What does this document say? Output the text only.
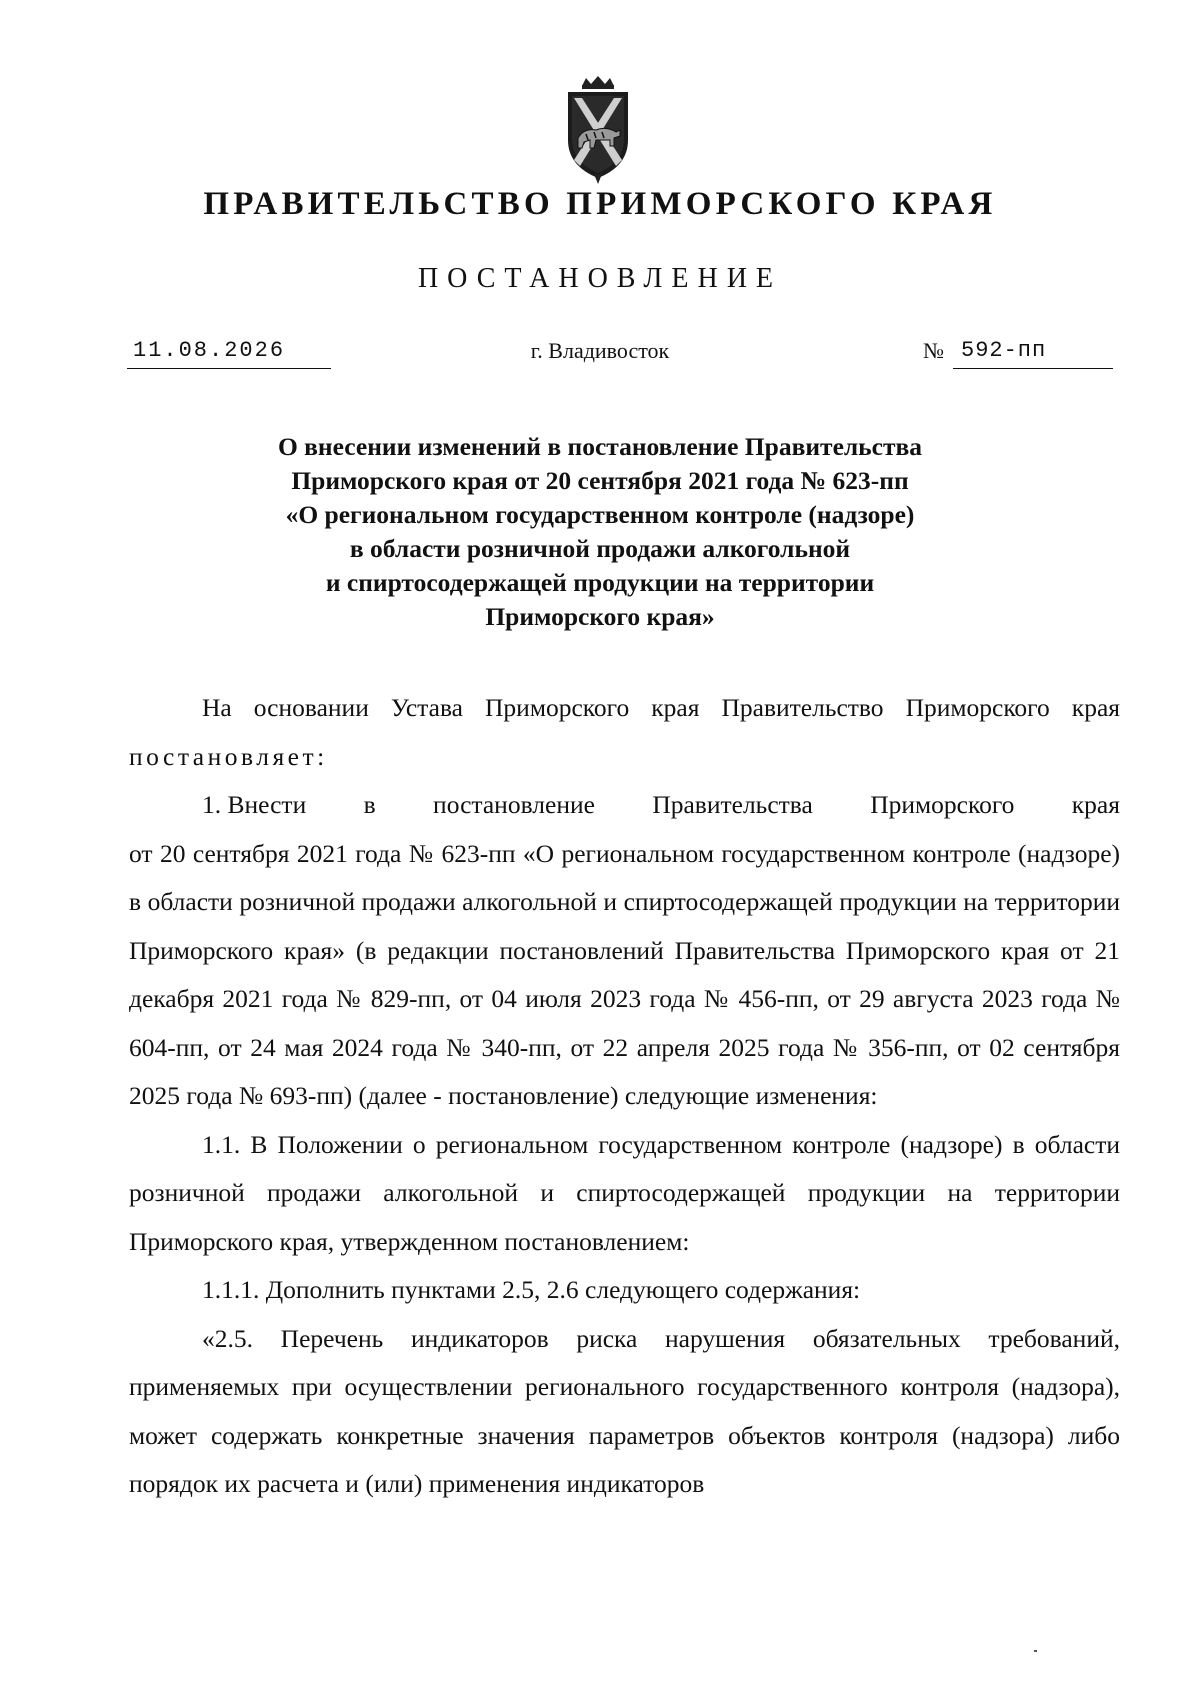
ПРАВИТЕЛЬСТВО ПРИМОРСКОГО КРАЯ
ПОСТАНОВЛЕНИЕ
11.08.2026	г. Владивосток	№ 592-пп
О внесении изменений в постановление Правительства
Приморского края от 20 сентября 2021 года № 623-пп
«О региональном государственном контроле (надзоре)
в области розничной продажи алкогольной
и спиртосодержащей продукции на территории
Приморского края»

На основании Устава Приморского края Правительство Приморского края постановляет:

1. Внести в постановление Правительства Приморского края

от 20 сентября 2021 года № 623-пп «О региональном государственном контроле (надзоре) в области розничной продажи алкогольной и спиртосодержащей продукции на территории Приморского края» (в редакции постановлений Правительства Приморского края от 21 декабря 2021 года № 829-пп, от 04 июля 2023 года № 456-пп, от 29 августа 2023 года № 604-пп, от 24 мая 2024 года № 340-пп, от 22 апреля 2025 года № 356-пп, от 02 сентября 2025 года № 693-пп) (далее - постановление) следующие изменения:

1.1. В Положении о региональном государственном контроле (надзоре) в области розничной продажи алкогольной и спиртосодержащей продукции на территории Приморского края, утвержденном постановлением:

1.1.1. Дополнить пунктами 2.5, 2.6 следующего содержания:

«2.5. Перечень индикаторов риска нарушения обязательных требований, применяемых при осуществлении регионального государственного контроля (надзора), может содержать конкретные значения параметров объектов контроля (надзора) либо порядок их расчета и (или) применения индикаторов
